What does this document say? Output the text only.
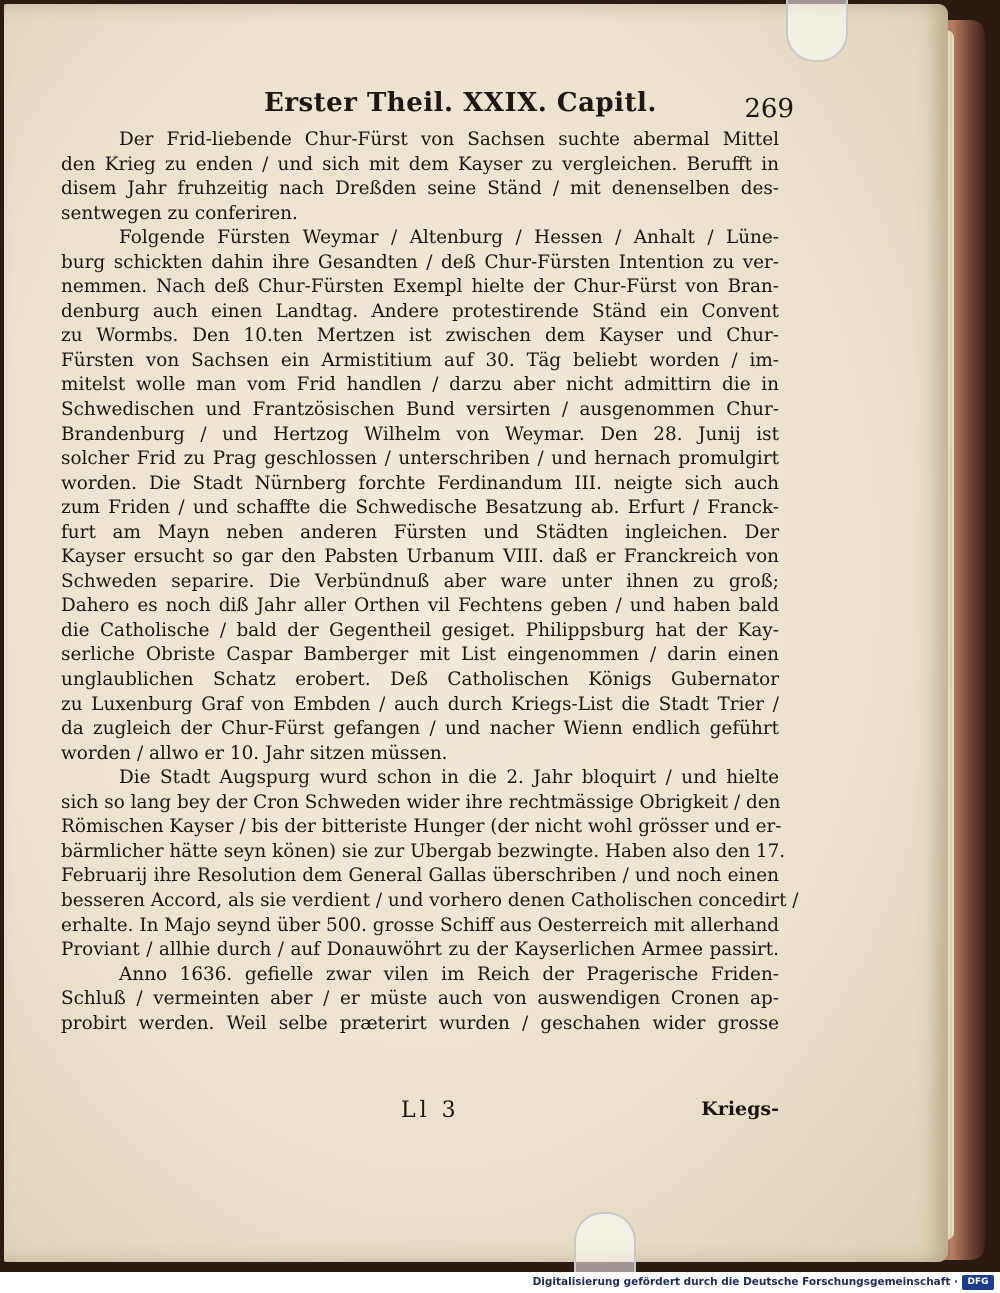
Erster Theil. XXIX. Capitl.	269
Der Frid-liebende Chur-Fürst von Sachsen suchte abermal Mittel
den Krieg zu enden / und sich mit dem Kayser zu vergleichen. Berufft in
disem Jahr fruhzeitig nach Dreßden seine Ständ / mit denenselben des-
sentwegen zu conferiren.
Folgende Fürsten Weymar / Altenburg / Hessen / Anhalt / Lüne-
burg schickten dahin ihre Gesandten / deß Chur-Fürsten Intention zu ver-
nemmen. Nach deß Chur-Fürsten Exempl hielte der Chur-Fürst von Bran-
denburg auch einen Landtag. Andere protestirende Ständ ein Convent
zu Wormbs. Den 10.ten Mertzen ist zwischen dem Kayser und Chur-
Fürsten von Sachsen ein Armistitium auf 30. Täg beliebt worden / im-
mitelst wolle man vom Frid handlen / darzu aber nicht admittirn die in
Schwedischen und Frantzösischen Bund versirten / ausgenommen Chur-
Brandenburg / und Hertzog Wilhelm von Weymar. Den 28. Junij ist
solcher Frid zu Prag geschlossen / unterschriben / und hernach promulgirt
worden. Die Stadt Nürnberg forchte Ferdinandum III. neigte sich auch
zum Friden / und schaffte die Schwedische Besatzung ab. Erfurt / Franck-
furt am Mayn neben anderen Fürsten und Städten ingleichen. Der
Kayser ersucht so gar den Pabsten Urbanum VIII. daß er Franckreich von
Schweden separire. Die Verbündnuß aber ware unter ihnen zu groß;
Dahero es noch diß Jahr aller Orthen vil Fechtens geben / und haben bald
die Catholische / bald der Gegentheil gesiget. Philippsburg hat der Kay-
serliche Obriste Caspar Bamberger mit List eingenommen / darin einen
unglaublichen Schatz erobert. Deß Catholischen Königs Gubernator
zu Luxenburg Graf von Embden / auch durch Kriegs-List die Stadt Trier /
da zugleich der Chur-Fürst gefangen / und nacher Wienn endlich geführt
worden / allwo er 10. Jahr sitzen müssen.
Die Stadt Augspurg wurd schon in die 2. Jahr bloquirt / und hielte
sich so lang bey der Cron Schweden wider ihre rechtmässige Obrigkeit / den
Römischen Kayser / bis der bitteriste Hunger (der nicht wohl grösser und er-
bärmlicher hätte seyn könen) sie zur Ubergab bezwingte. Haben also den 17.
Februarij ihre Resolution dem General Gallas überschriben / und noch einen
besseren Accord, als sie verdient / und vorhero denen Catholischen concedirt /
erhalte. In Majo seynd über 500. grosse Schiff aus Oesterreich mit allerhand
Proviant / allhie durch / auf Donauwöhrt zu der Kayserlichen Armee passirt.
Anno 1636. gefielle zwar vilen im Reich der Pragerische Friden-
Schluß / vermeinten aber / er müste auch von auswendigen Cronen ap-
probirt werden. Weil selbe præterirt wurden / geschahen wider grosse
Ll 3	Kriegs-
Digitalisierung gefördert durch die Deutsche Forschungsgemeinschaft ·	DFG
